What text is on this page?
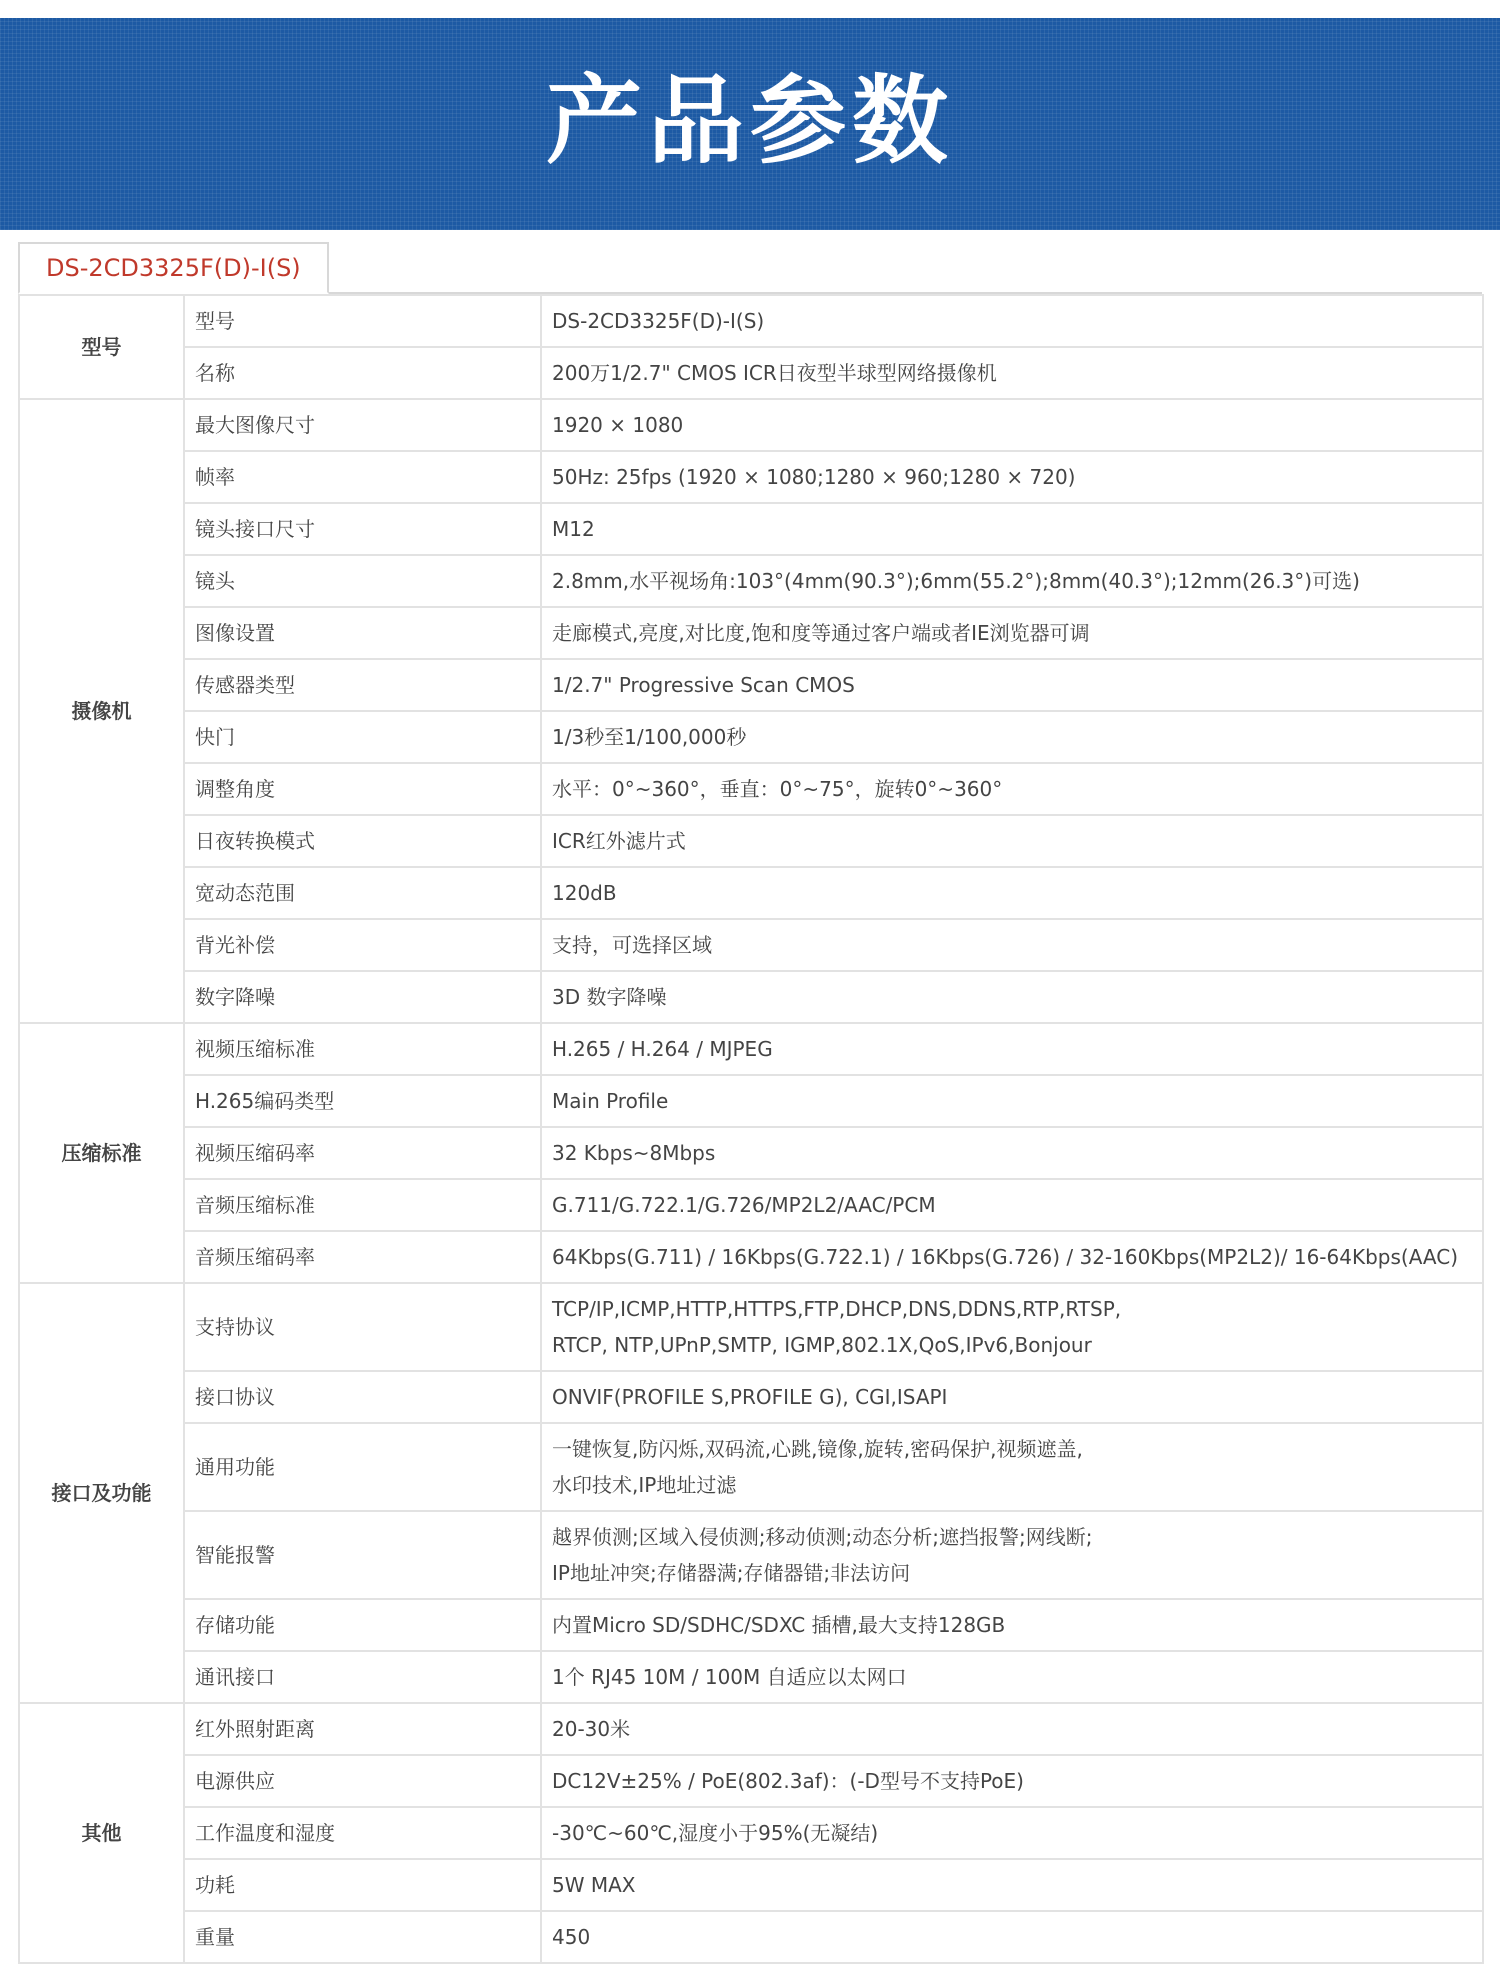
产品参数
DS-2CD3325F(D)-I(S)
型号	型号	DS-2CD3325F(D)-I(S)

	名称	200万1/2.7" CMOS ICR日夜型半球型网络摄像机

摄像机	最大图像尺寸	1920 × 1080

	帧率	50Hz: 25fps (1920 × 1080;1280 × 960;1280 × 720)

	镜头接口尺寸	M12

	镜头	2.8mm,水平视场角:103°(4mm(90.3°);6mm(55.2°);8mm(40.3°);12mm(26.3°)可选)

	图像设置	走廊模式,亮度,对比度,饱和度等通过客户端或者IE浏览器可调

	传感器类型	1/2.7" Progressive Scan CMOS

	快门	1/3秒至1/100,000秒

	调整角度	水平：0°~360°，垂直：0°~75°，旋转0°~360°

	日夜转换模式	ICR红外滤片式

	宽动态范围	120dB

	背光补偿	支持，可选择区域

	数字降噪	3D 数字降噪

压缩标准	视频压缩标准	H.265 / H.264 / MJPEG

	H.265编码类型	Main Profile

	视频压缩码率	32 Kbps~8Mbps

	音频压缩标准	G.711/G.722.1/G.726/MP2L2/AAC/PCM

	音频压缩码率	64Kbps(G.711) / 16Kbps(G.722.1) / 16Kbps(G.726) / 32-160Kbps(MP2L2)/ 16-64Kbps(AAC)

接口及功能	支持协议	TCP/IP,ICMP,HTTP,HTTPS,FTP,DHCP,DNS,DDNS,RTP,RTSP,
RTCP, NTP,UPnP,SMTP, IGMP,802.1X,QoS,IPv6,Bonjour

	接口协议	ONVIF(PROFILE S,PROFILE G), CGI,ISAPI

	通用功能	一键恢复,防闪烁,双码流,心跳,镜像,旋转,密码保护,视频遮盖,
水印技术,IP地址过滤

	智能报警	越界侦测;区域入侵侦测;移动侦测;动态分析;遮挡报警;网线断;
IP地址冲突;存储器满;存储器错;非法访问

	存储功能	内置Micro SD/SDHC/SDXC 插槽,最大支持128GB

	通讯接口	1个 RJ45 10M / 100M 自适应以太网口

其他	红外照射距离	20-30米

	电源供应	DC12V±25% / PoE(802.3af)：(-D型号不支持PoE)

	工作温度和湿度	-30℃~60℃,湿度小于95%(无凝结)

	功耗	5W MAX

	重量	450
